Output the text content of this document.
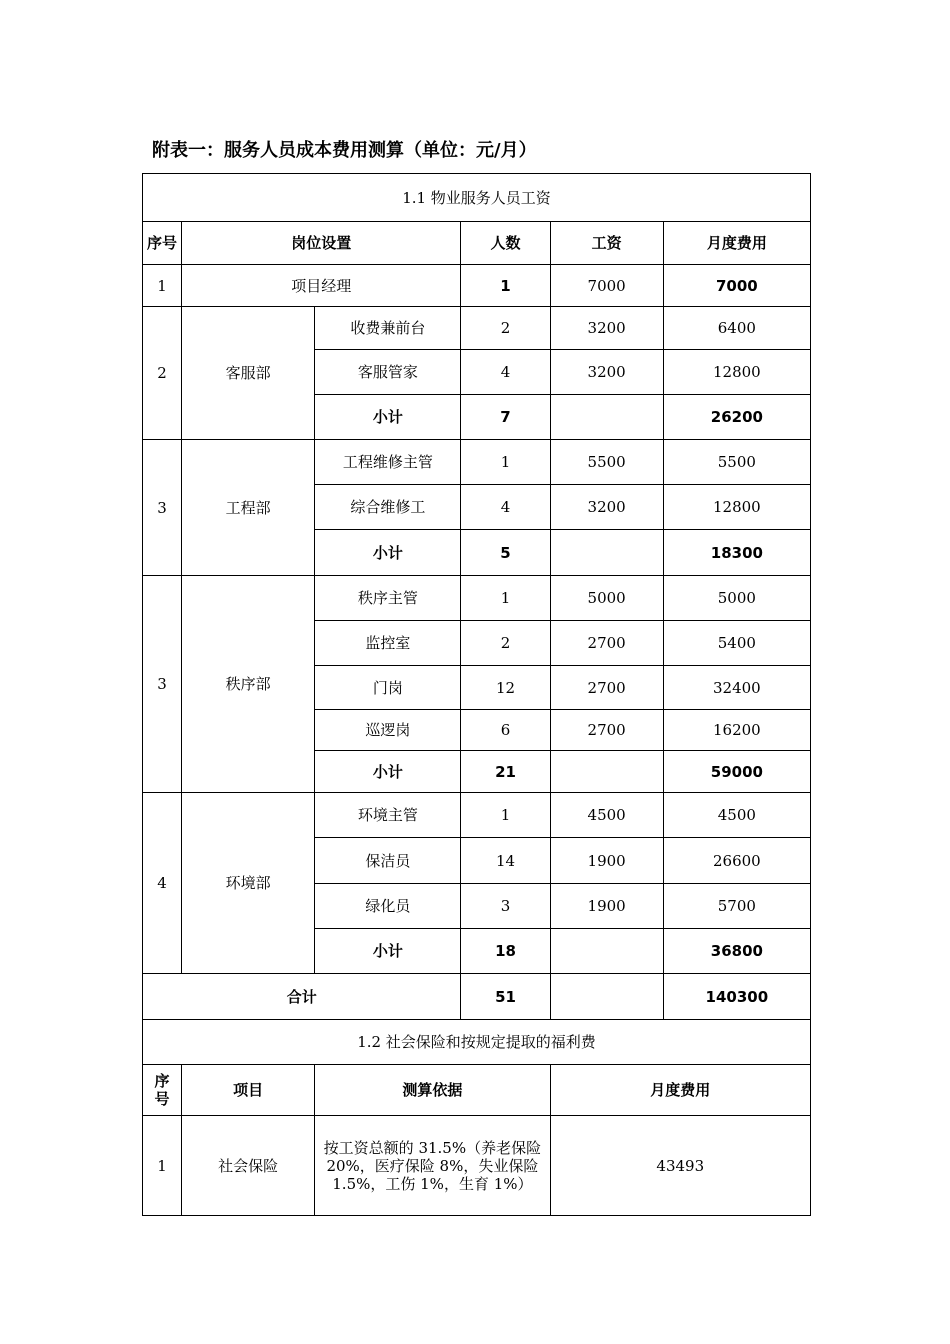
附表一：服务人员成本费用测算（单位：元/月）
1.1 物业服务人员工资					
序号	岗位设置		人数	工资	月度费用
1	项目经理		1	7000	7000
2	客服部	收费兼前台	2	3200	6400
		客服管家	4	3200	12800
		小计	7		26200
3	工程部	工程维修主管	1	5500	5500
		综合维修工	4	3200	12800
		小计	5		18300
3	秩序部	秩序主管	1	5000	5000
		监控室	2	2700	5400
		门岗	12	2700	32400
		巡逻岗	6	2700	16200
		小计	21		59000
4	环境部	环境主管	1	4500	4500
		保洁员	14	1900	26600
		绿化员	3	1900	5700
		小计	18		36800
合计			51		140300
1.2 社会保险和按规定提取的福利费					
序
号	项目	测算依据		月度费用	
1	社会保险	按工资总额的 31.5%（养老保险 20%，医疗保险 8%，失业保险 1.5%，工伤 1%，生育 1%）		43493	
